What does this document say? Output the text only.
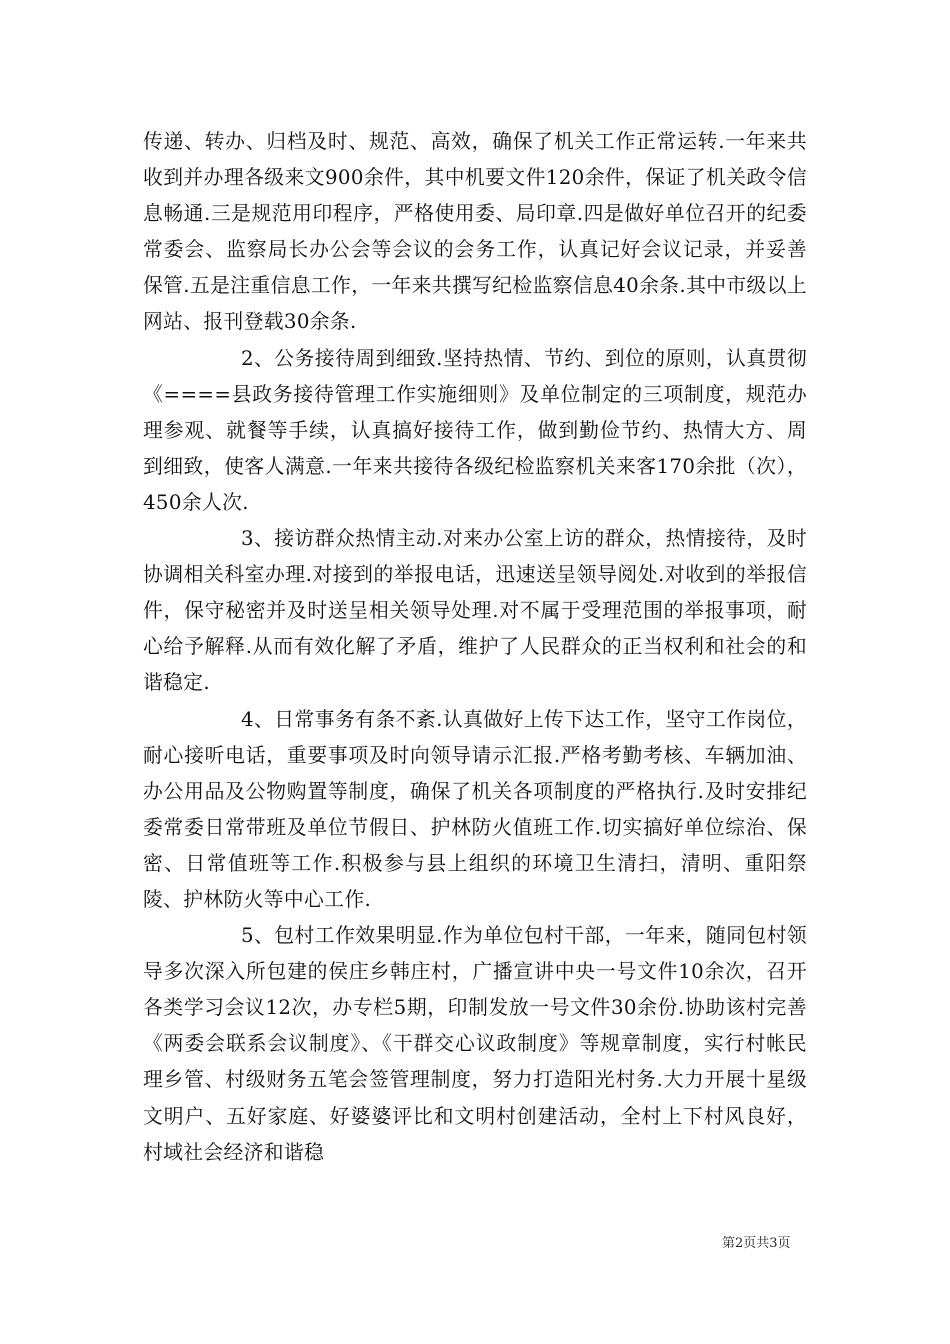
传递、转办、归档及时、规范、高效，确保了机关工作正常运转.一年来共收到并办理各级来文900余件，其中机要文件120余件，保证了机关政令信息畅通.三是规范用印程序，严格使用委、局印章.四是做好单位召开的纪委常委会、监察局长办公会等会议的会务工作，认真记好会议记录，并妥善保管.五是注重信息工作，一年来共撰写纪检监察信息40余条.其中市级以上网站、报刊登载30余条.

2、公务接待周到细致.坚持热情、节约、到位的原则，认真贯彻《====县政务接待管理工作实施细则》及单位制定的三项制度，规范办理参观、就餐等手续，认真搞好接待工作，做到勤俭节约、热情大方、周到细致，使客人满意.一年来共接待各级纪检监察机关来客170余批（次），450余人次.

3、接访群众热情主动.对来办公室上访的群众，热情接待，及时协调相关科室办理.对接到的举报电话，迅速送呈领导阅处.对收到的举报信件，保守秘密并及时送呈相关领导处理.对不属于受理范围的举报事项，耐心给予解释.从而有效化解了矛盾，维护了人民群众的正当权利和社会的和谐稳定.

4、日常事务有条不紊.认真做好上传下达工作，坚守工作岗位，耐心接听电话，重要事项及时向领导请示汇报.严格考勤考核、车辆加油、办公用品及公物购置等制度，确保了机关各项制度的严格执行.及时安排纪委常委日常带班及单位节假日、护林防火值班工作.切实搞好单位综治、保密、日常值班等工作.积极参与县上组织的环境卫生清扫，清明、重阳祭陵、护林防火等中心工作.

5、包村工作效果明显.作为单位包村干部，一年来，随同包村领导多次深入所包建的侯庄乡韩庄村，广播宣讲中央一号文件10余次，召开各类学习会议12次，办专栏5期，印制发放一号文件30余份.协助该村完善《两委会联系会议制度》、《干群交心议政制度》等规章制度，实行村帐民理乡管、村级财务五笔会签管理制度，努力打造阳光村务.大力开展十星级文明户、五好家庭、好婆婆评比和文明村创建活动，全村上下村风良好，村域社会经济和谐稳

第2页共3页
